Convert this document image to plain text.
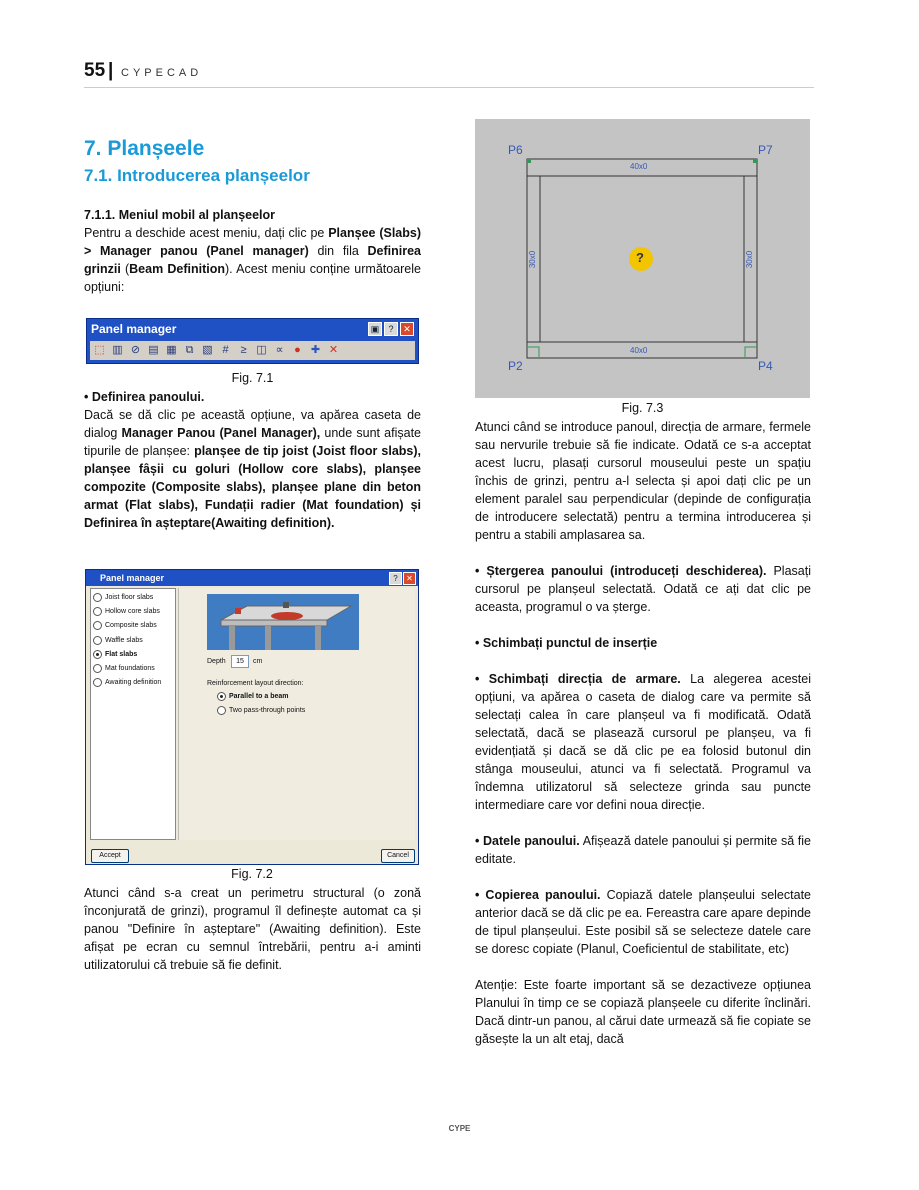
55 | CYPECAD
7. Planșeele
7.1. Introducerea planșeelor

7.1.1. Meniul mobil al planșeelor

Pentru a deschide acest meniu, dați clic pe Planșee (Slabs) > Manager panou (Panel manager) din fila Definirea grinzii (Beam Definition). Acest meniu conține următoarele opțiuni:

Panel manager	▣	?	✕
⬚ ▥ ⊘ ▤ ▦ ⧉ ▧ #	≥ ◫ ∝ ● ✚ ✕
Fig. 7.1

• Definirea panoului.

Dacă se dă clic pe această opțiune, va apărea caseta de dialog Manager Panou (Panel Manager), unde sunt afișate tipurile de planșee: planșee de tip joist (Joist floor slabs), planșee fâșii cu goluri (Hollow core slabs), planșee compozite (Composite slabs), planșee plane din beton armat (Flat slabs), Fundații radier (Mat foundation) și Definirea în așteptare(Awaiting definition).

Panel manager	?	✕
Joist floor slabs
Hollow core slabs
Composite slabs
Waffle slabs
Flat slabs
Mat foundations
Awaiting definition
Depth	15	cm
Reinforcement layout direction:
Parallel to a beam
Two pass-through points
Accept	Cancel
Fig. 7.2
Atunci când s-a creat un perimetru structural (o zonă înconjurată de grinzi), programul îl definește automat ca și panou "Definire în așteptare" (Awaiting definition). Este afișat pe ecran cu semnul întrebării, pentru a-i aminti utilizatorului că trebuie să fie definit.
P6	P7
P2	P4
40x0
40x0
30x0	30x0
?
Fig. 7.3

Atunci când se introduce panoul, direcția de armare, fermele sau nervurile trebuie să fie indicate. Odată ce s-a acceptat acest lucru, plasați cursorul mouseului peste un spațiu închis de grinzi, pentru a-l selecta și apoi dați clic pe un element paralel sau perpendicular (depinde de configurația de introducere selectată) pentru a termina introducerea și pentru a stabili amplasarea sa.

• Ștergerea panoului (introduceți deschiderea). Plasați cursorul pe planșeul selectată. Odată ce ați dat clic pe aceasta, programul o va șterge.

• Schimbați punctul de inserție

• Schimbați direcția de armare. La alegerea acestei opțiuni, va apărea o caseta de dialog care va permite să selectați calea în care planșeul va fi modificată. Odată selectată, dacă se plasează cursorul pe planșeu, va fi evidențiată și dacă se dă clic pe ea folosid butonul din stânga mouseului, atunci va fi selectată. Programul va îndemna utilizatorul să selecteze grinda sau puncte intermediare care vor defini noua direcție.

• Datele panoului. Afișează datele panoului și permite să fie editate.

• Copierea panoului. Copiază datele planșeului selectate anterior dacă se dă clic pe ea. Fereastra care apare depinde de tipul planșeului. Este posibil să se selecteze datele care se doresc copiate (Planul, Coeficientul de stabilitate, etc)

Atenție: Este foarte important să se dezactiveze opțiunea Planului în timp ce se copiază planșeele cu diferite înclinări. Dacă dintr-un panou, al cărui date urmează să fie copiate se găsește la un alt etaj, dacă

CYPE
